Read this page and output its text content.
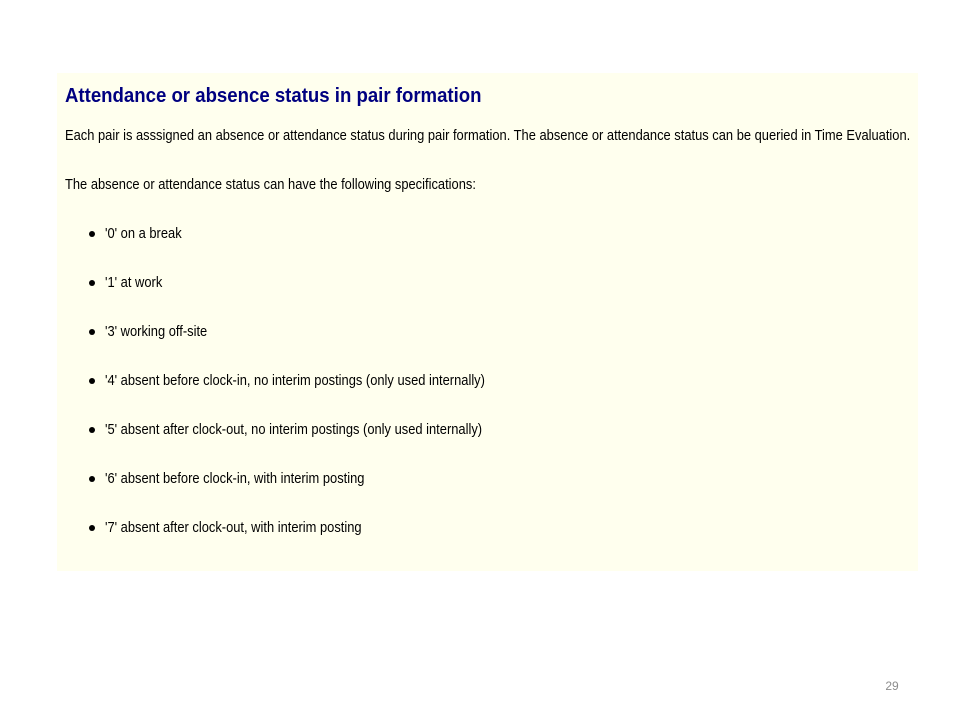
Attendance or absence status in pair formation

Each pair is asssigned an absence or attendance status during pair formation. The absence or attendance status can be queried in Time Evaluation.

The absence or attendance status can have the following specifications:

'0' on a break
'1' at work
'3' working off-site
'4' absent before clock-in, no interim postings (only used internally)
'5' absent after clock-out, no interim postings (only used internally)
'6' absent before clock-in, with interim posting
'7' absent after clock-out, with interim posting
29
